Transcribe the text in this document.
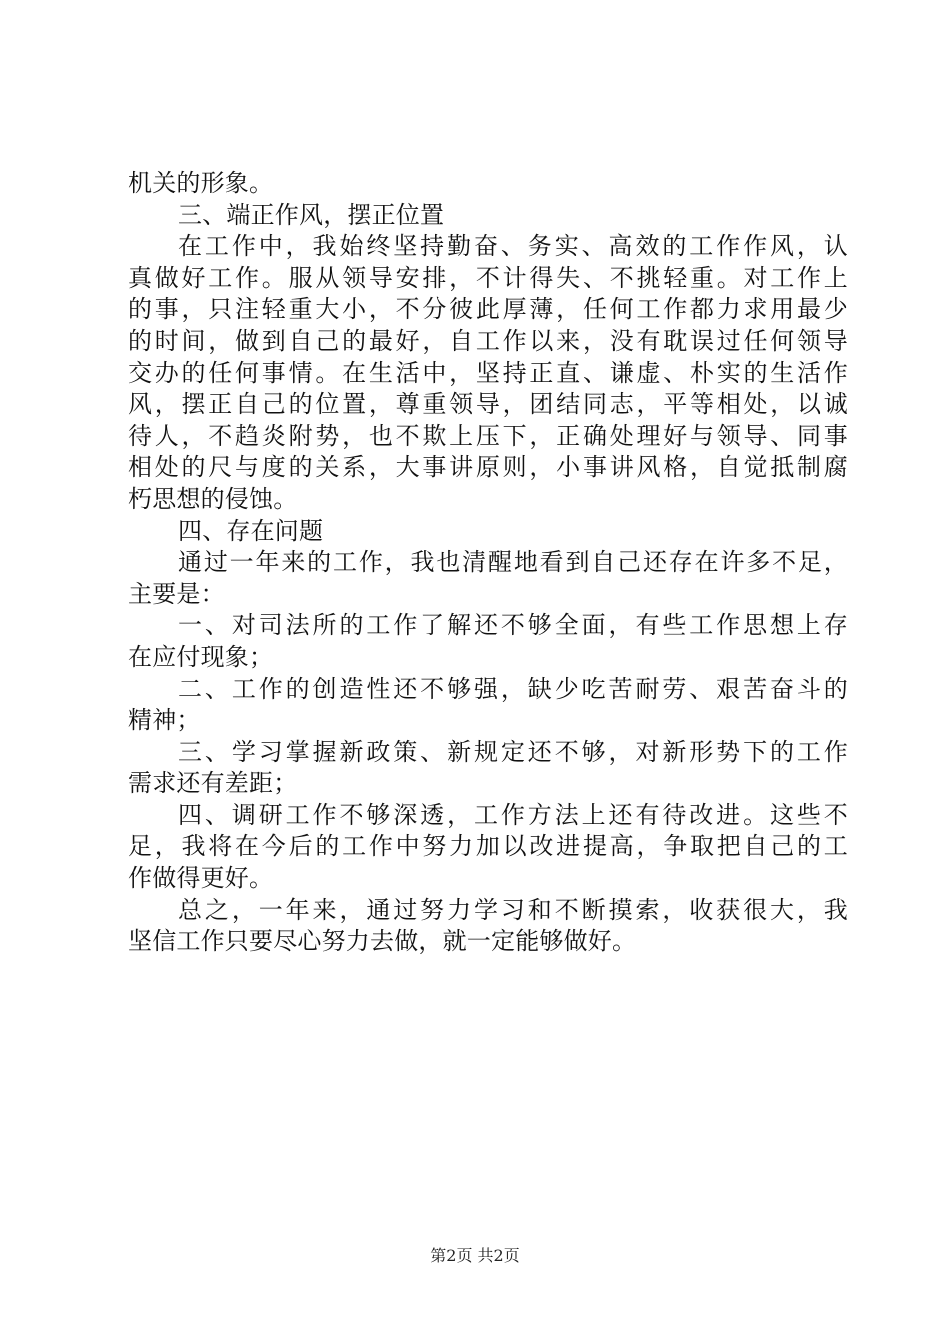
机关的形象。
三、端正作风，摆正位置
在工作中，我始终坚持勤奋、务实、高效的工作作风，认
真做好工作。服从领导安排，不计得失、不挑轻重。对工作上
的事，只注轻重大小，不分彼此厚薄，任何工作都力求用最少
的时间，做到自己的最好，自工作以来，没有耽误过任何领导
交办的任何事情。在生活中，坚持正直、谦虚、朴实的生活作
风，摆正自己的位置，尊重领导，团结同志，平等相处，以诚
待人，不趋炎附势，也不欺上压下，正确处理好与领导、同事
相处的尺与度的关系，大事讲原则，小事讲风格，自觉抵制腐
朽思想的侵蚀。
四、存在问题
通过一年来的工作，我也清醒地看到自己还存在许多不足，
主要是：
一、对司法所的工作了解还不够全面，有些工作思想上存
在应付现象；
二、工作的创造性还不够强，缺少吃苦耐劳、艰苦奋斗的
精神；
三、学习掌握新政策、新规定还不够，对新形势下的工作
需求还有差距；
四、调研工作不够深透，工作方法上还有待改进。这些不
足，我将在今后的工作中努力加以改进提高，争取把自己的工
作做得更好。
总之，一年来，通过努力学习和不断摸索，收获很大，我
坚信工作只要尽心努力去做，就一定能够做好。
第2页 共2页
